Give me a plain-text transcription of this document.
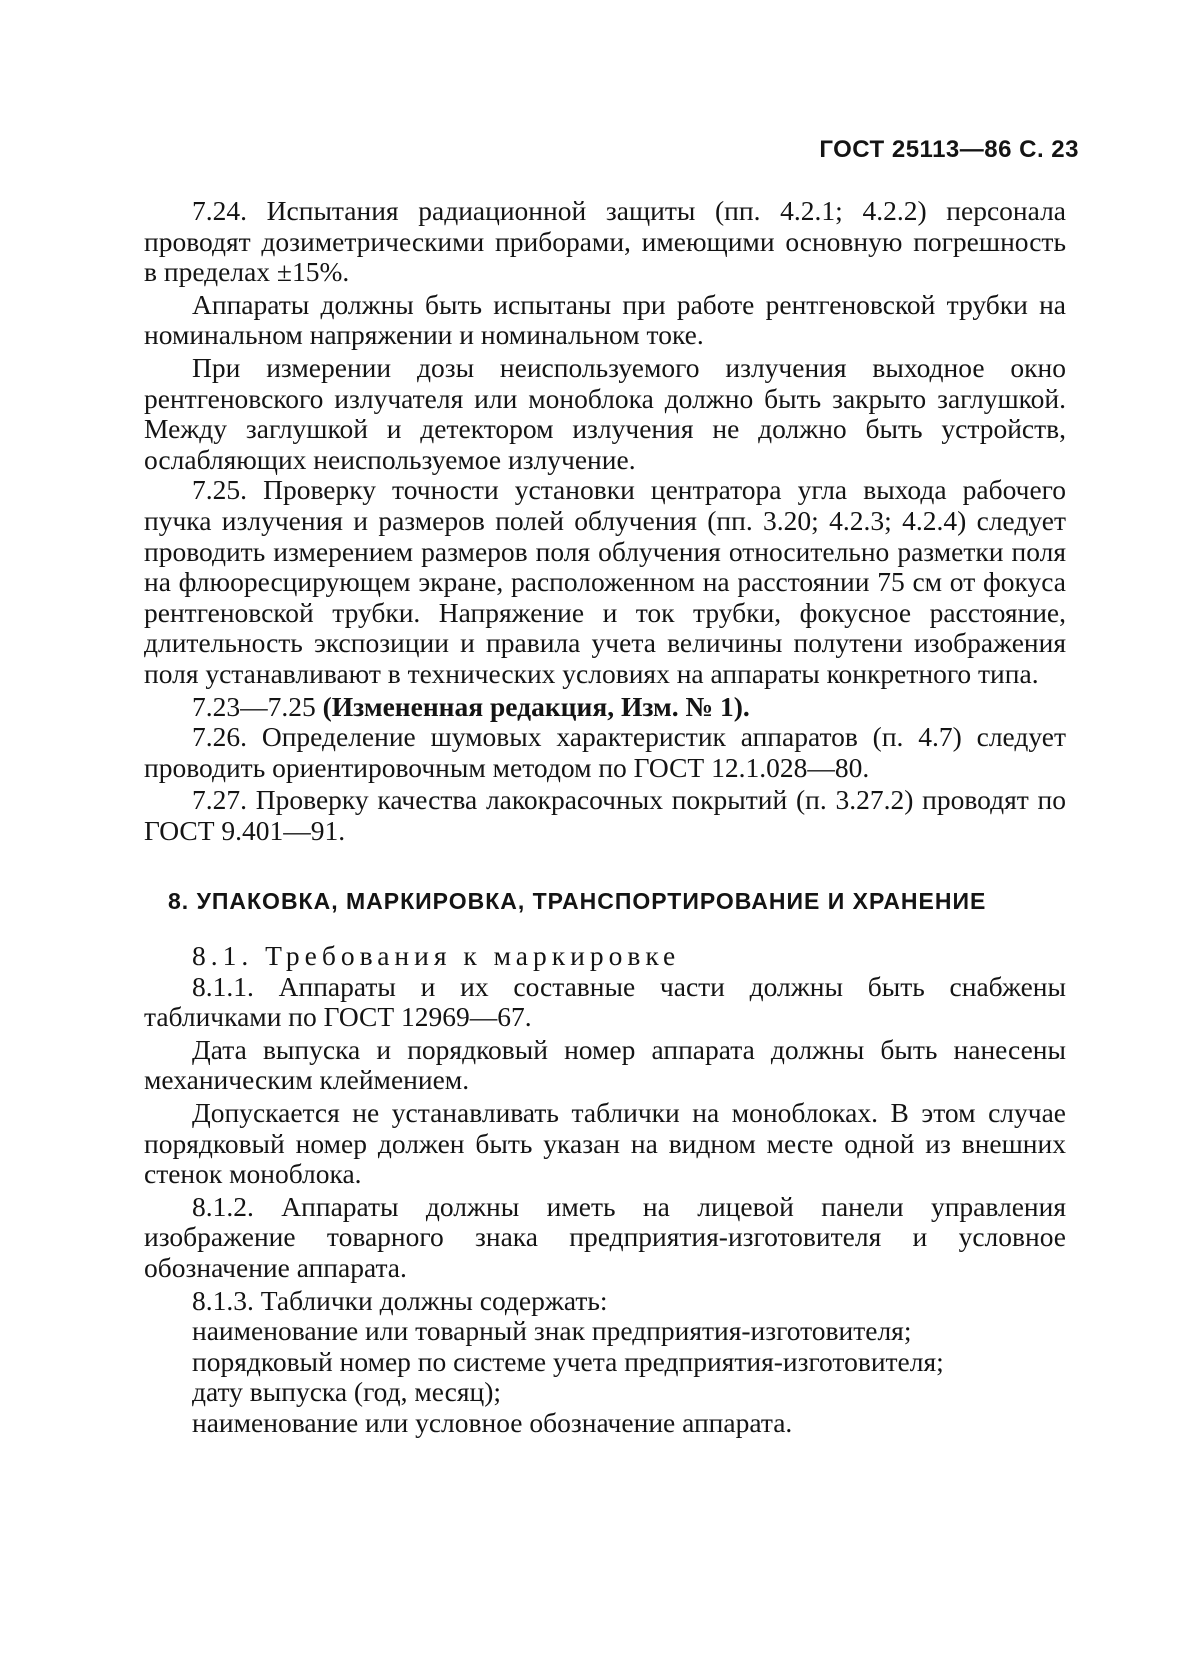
ГОСТ 25113—86 С. 23

7.24. Испытания радиационной защиты (пп. 4.2.1; 4.2.2) персонала проводят дозиметрическими приборами, имеющими основную погрешность в пределах ±15%.

Аппараты должны быть испытаны при работе рентгеновской трубки на номинальном напряжении и номинальном токе.

При измерении дозы неиспользуемого излучения выходное окно рентгеновского излучателя или моноблока должно быть закрыто заглушкой. Между заглушкой и детектором излучения не должно быть устройств, ослабляющих неиспользуемое излучение.

7.25. Проверку точности установки центратора угла выхода рабочего пучка излучения и размеров полей облучения (пп. 3.20; 4.2.3; 4.2.4) следует проводить измерением размеров поля облучения относительно разметки поля на флюоресцирующем экране, расположенном на расстоянии 75 см от фокуса рентгеновской трубки. Напряжение и ток трубки, фокусное расстояние, длительность экспозиции и правила учета величины полутени изображения поля устанавливают в технических условиях на аппараты конкретного типа.

7.23—7.25 (Измененная редакция, Изм. № 1).

7.26. Определение шумовых характеристик аппаратов (п. 4.7) следует проводить ориентировочным методом по ГОСТ 12.1.028—80.

7.27. Проверку качества лакокрасочных покрытий (п. 3.27.2) проводят по ГОСТ 9.401—91.

8. УПАКОВКА, МАРКИРОВКА, ТРАНСПОРТИРОВАНИЕ И ХРАНЕНИЕ

8.1. Требования к маркировке

8.1.1. Аппараты и их составные части должны быть снабжены табличками по ГОСТ 12969—67.

Дата выпуска и порядковый номер аппарата должны быть нанесены механическим клеймением.

Допускается не устанавливать таблички на моноблоках. В этом случае порядковый номер должен быть указан на видном месте одной из внешних стенок моноблока.

8.1.2. Аппараты должны иметь на лицевой панели управления изображение товарного знака предприятия-изготовителя и условное обозначение аппарата.

8.1.3. Таблички должны содержать:

наименование или товарный знак предприятия-изготовителя;

порядковый номер по системе учета предприятия-изготовителя;

дату выпуска (год, месяц);

наименование или условное обозначение аппарата.
